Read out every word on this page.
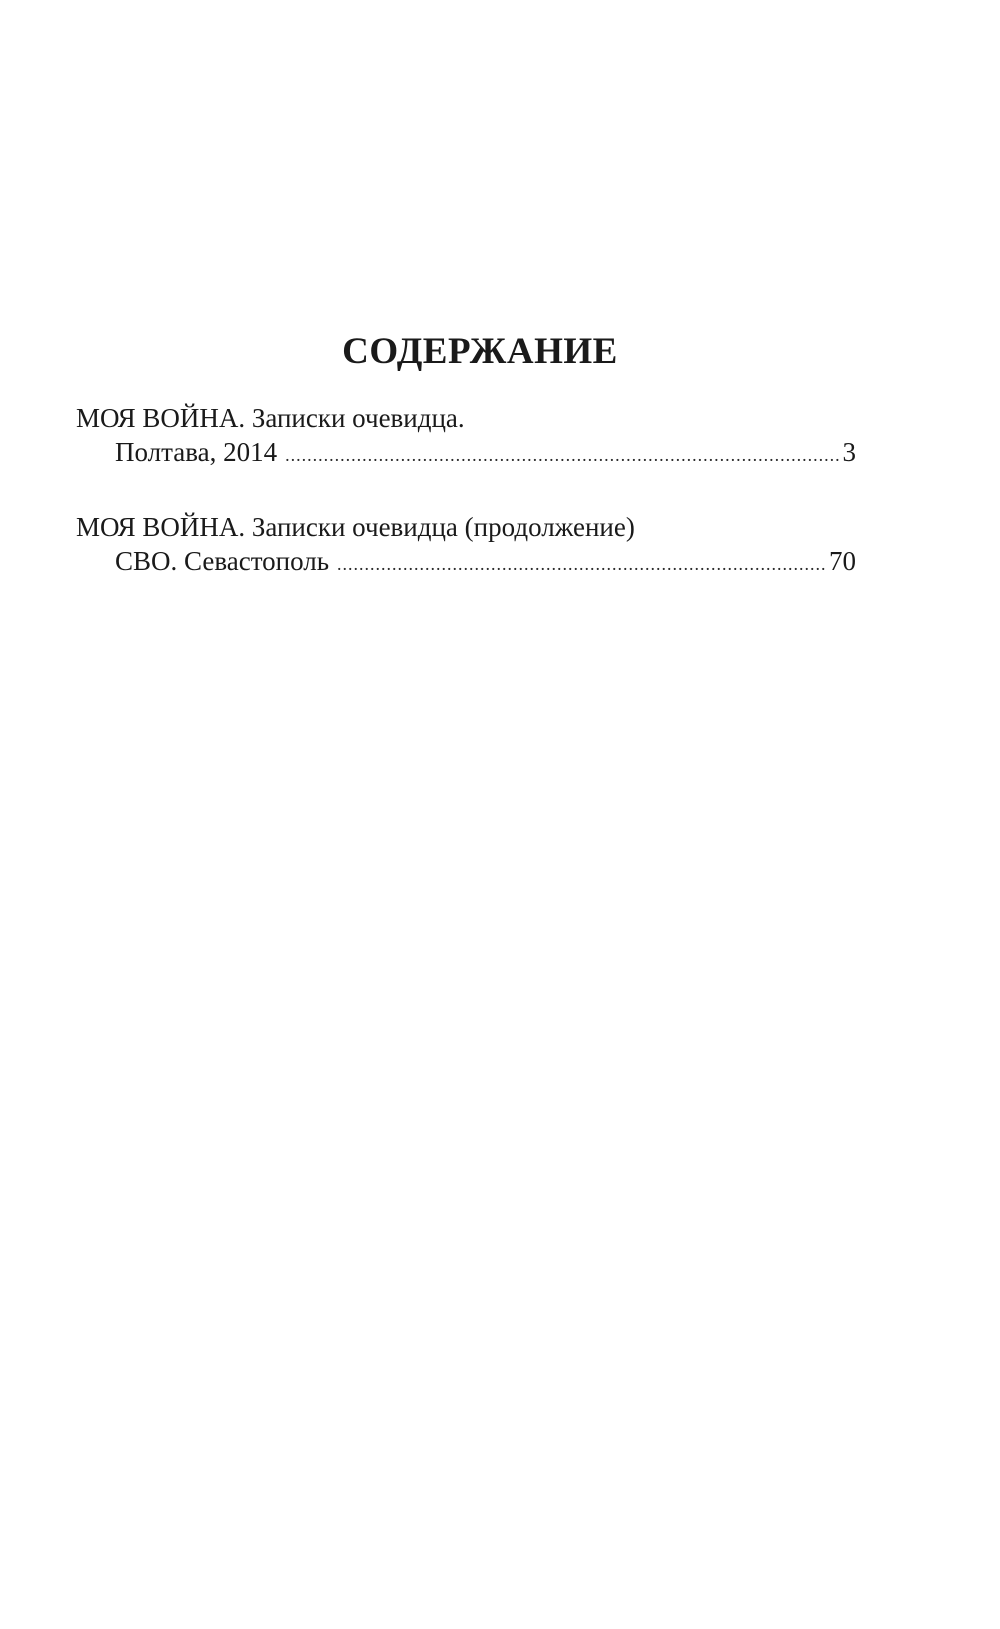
СОДЕРЖАНИЕ
МОЯ ВОЙНА. Записки очевидца.
Полтава, 2014 .....	3
МОЯ ВОЙНА. Записки очевидца (продолжение)
СВО. Севастополь .....	70
